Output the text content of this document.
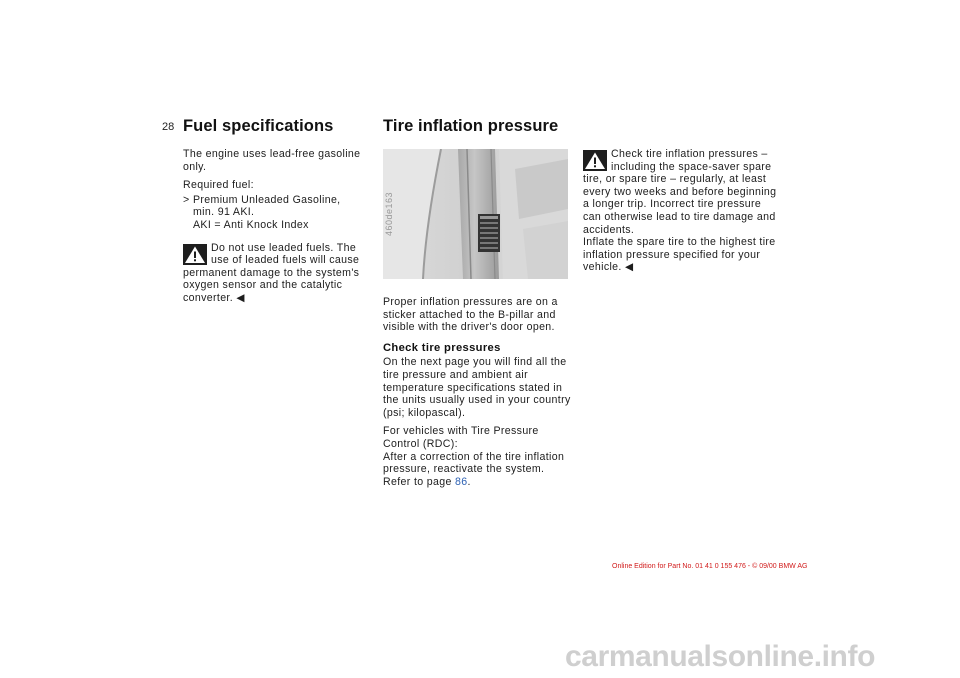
28 Fuel specifications

The engine uses lead-free gasoline only.

Required fuel:

> Premium Unleaded Gasoline,
min. 91 AKI.
AKI = Anti Knock Index
Do not use leaded fuels. The use of leaded fuels will cause permanent damage to the system's oxygen sensor and the catalytic converter. ◀
Tire inflation pressure
460de163

Proper inflation pressures are on a sticker attached to the B-pillar and visible with the driver's door open.

Check tire pressures

On the next page you will find all the tire pressure and ambient air temperature specifications stated in the units usually used in your country (psi; kilopascal).

For vehicles with Tire Pressure Control (RDC):
After a correction of the tire inflation pressure, reactivate the system. Refer to page 86.

Check tire inflation pressures – including the space-saver spare tire, or spare tire – regularly, at least every two weeks and before beginning a longer trip. Incorrect tire pressure can otherwise lead to tire damage and accidents.
Inflate the spare tire to the highest tire inflation pressure specified for your vehicle. ◀
Online Edition for Part No. 01 41 0 155 476 - © 09/00 BMW AG
carmanualsonline.info
